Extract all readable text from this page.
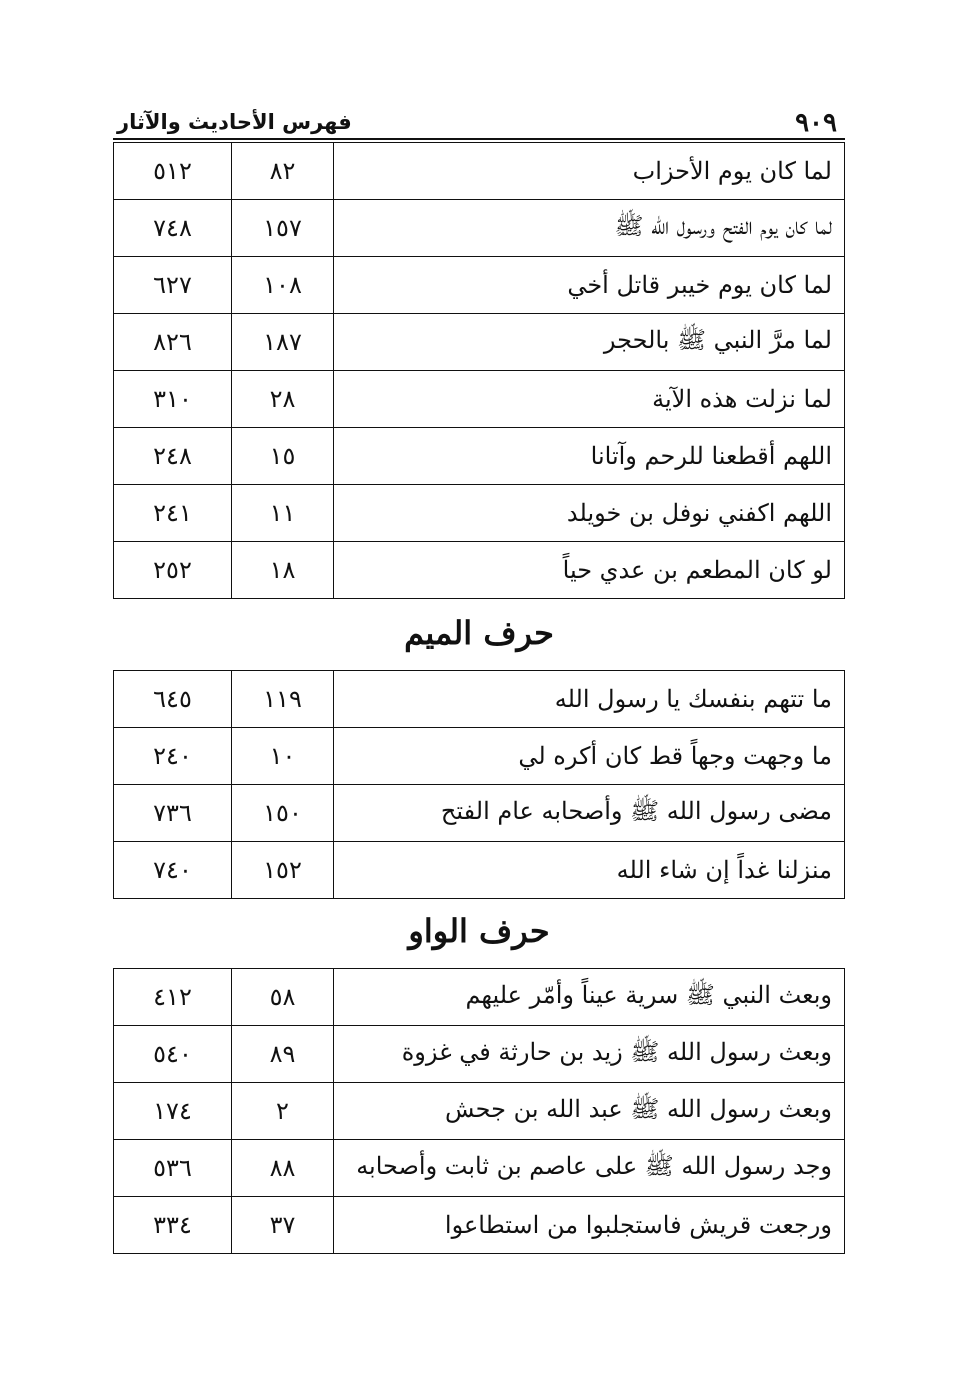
٩٠٩
فهرس الأحاديث والآثار
لما كان يوم الأحزاب	٨٢	٥١٢
لما كان يوم الفتح ورسول الله ﷺ	١٥٧	٧٤٨
لما كان يوم خيبر قاتل أخي	١٠٨	٦٢٧
لما مرَّ النبي ﷺ بالحجر	١٨٧	٨٢٦
لما نزلت هذه الآية	٢٨	٣١٠
اللهم أقطعنا للرحم وآتانا	١٥	٢٤٨
اللهم اكفني نوفل بن خويلد	١١	٢٤١
لو كان المطعم بن عدي حياً	١٨	٢٥٢
حرف الميم
ما تتهم بنفسك يا رسول الله	١١٩	٦٤٥
ما وجهت وجهاً قط كان أكره لي	١٠	٢٤٠
مضى رسول الله ﷺ وأصحابه عام الفتح	١٥٠	٧٣٦
منزلنا غداً إن شاء الله	١٥٢	٧٤٠
حرف الواو
وبعث النبي ﷺ سرية عيناً وأمّر عليهم	٥٨	٤١٢
وبعث رسول الله ﷺ زيد بن حارثة في غزوة	٨٩	٥٤٠
وبعث رسول الله ﷺ عبد الله بن جحش	٢	١٧٤
وجد رسول الله ﷺ على عاصم بن ثابت وأصحابه	٨٨	٥٣٦
ورجعت قريش فاستجلبوا من استطاعوا	٣٧	٣٣٤
